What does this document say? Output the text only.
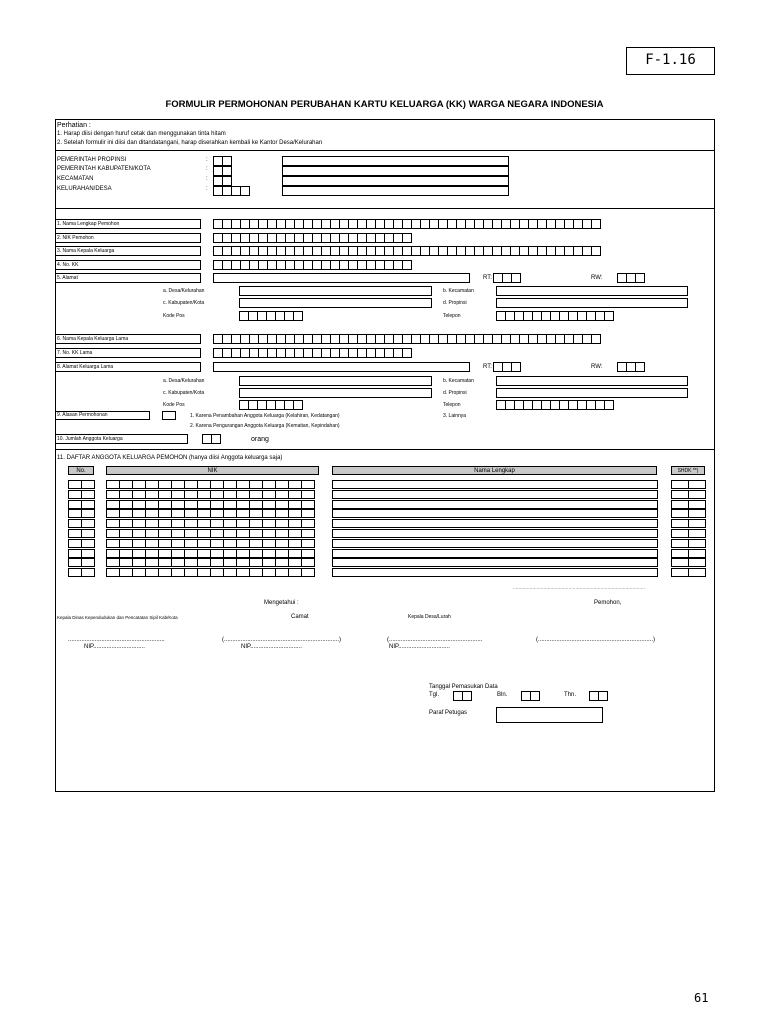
F-1.16
FORMULIR PERMOHONAN PERUBAHAN KARTU KELUARGA (KK) WARGA NEGARA INDONESIA
Perhatian :
1. Harap diisi dengan huruf cetak dan menggunakan tinta hitam
2. Setelah formulir ini diisi dan ditandatangani, harap diserahkan kembali ke Kantor Desa/Kelurahan
PEMERINTAH PROPINSI
PEMERINTAH KABUPATEN/KOTA
KECAMATAN
KELURAHAN/DESA
:
:
:
:
1. Nama Lengkap Pemohon
2. NIK Pemohon
3. Nama Kepala Keluarga
4. No. KK
5. Alamat	RT:	RW:
a. Desa/Kelurahan	b. Kecamatan
c. Kabupaten/Kota	d. Propinsi
Kode Pos	Telepon
6. Nama Kepala Keluarga Lama
7. No. KK Lama
8. Alamat Keluarga Lama	RT:	RW:
a. Desa/Kelurahan	b. Kecamatan
c. Kabupaten/Kota	d. Propinsi
Kode Pos	Telepon
9. Alasan Permohonan	1. Karena Penambahan Anggota Keluarga (Kelahiran, Kedatangan)
2. Karena Pengurangan Anggota Keluarga (Kematian, Kepindahan)
3. Lainnya
10. Jumlah Anggota Keluarga	orang
11. DAFTAR ANGGOTA KELUARGA PEMOHON (hanya diisi Anggota keluarga saja)
No.	NIK	Nama Lengkap	SHDK **)
...............................................................................................
Mengetahui :	Pemohon,
Kepala Dinas Kependudukan dan Pencatatan Sipil Kab/Kota	Camat	Kepala Desa/Lurah
..........................................................	(.....................................................................)	(........................................................	(.....................................................................)
NIP...............................	NIP...............................	NIP...............................
Tanggal Pemasukan Data
Tgl.	Bln.	Thn.
Paraf Petugas
61
